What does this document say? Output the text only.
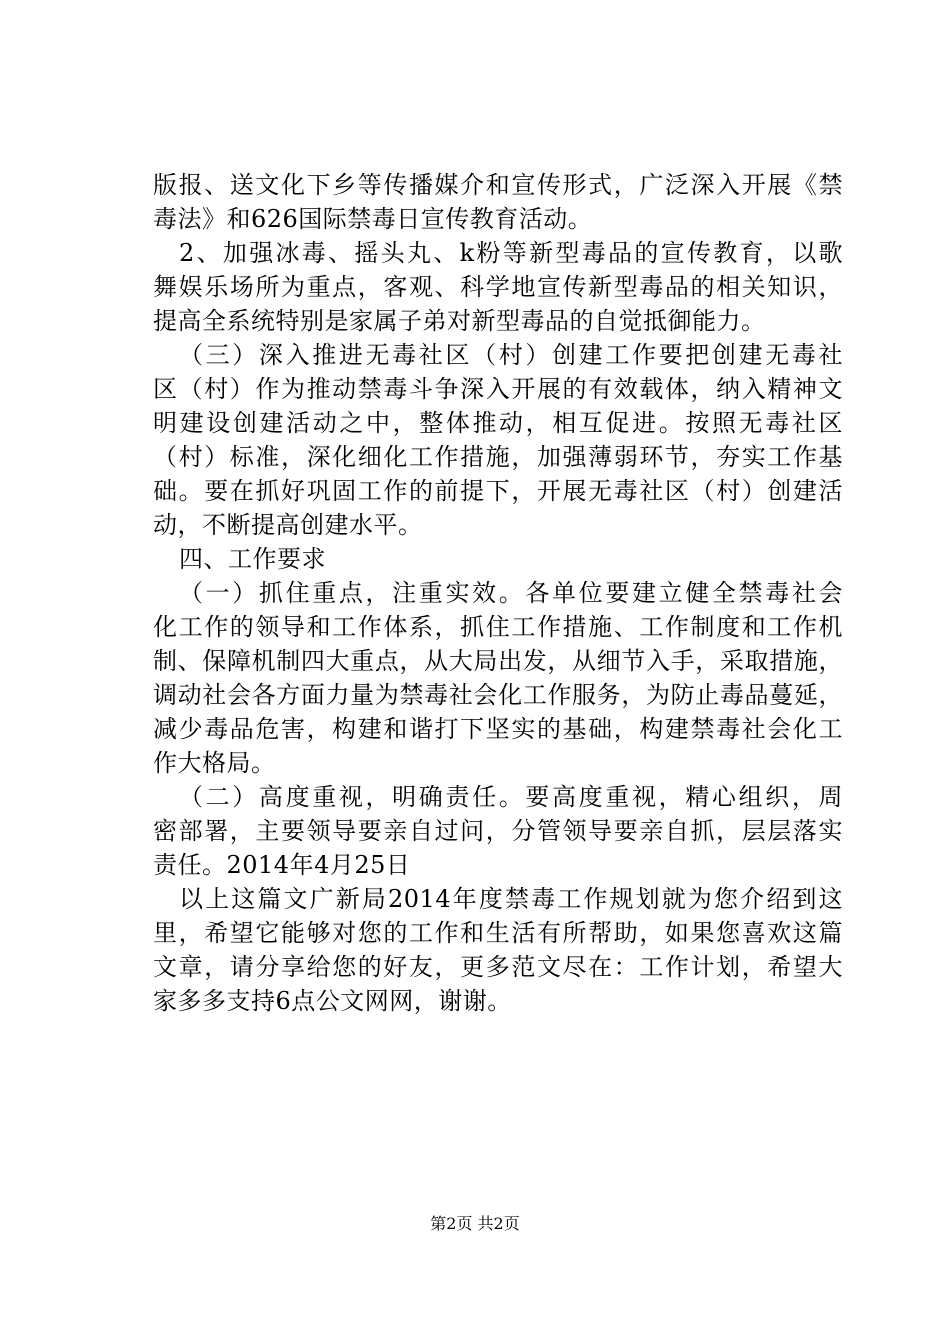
版报、送文化下乡等传播媒介和宣传形式，广泛深入开展《禁
毒法》和626国际禁毒日宣传教育活动。
2、加强冰毒、摇头丸、k粉等新型毒品的宣传教育，以歌
舞娱乐场所为重点，客观、科学地宣传新型毒品的相关知识，
提高全系统特别是家属子弟对新型毒品的自觉抵御能力。
（三）深入推进无毒社区（村）创建工作要把创建无毒社
区（村）作为推动禁毒斗争深入开展的有效载体，纳入精神文
明建设创建活动之中，整体推动，相互促进。按照无毒社区
（村）标准，深化细化工作措施，加强薄弱环节，夯实工作基
础。要在抓好巩固工作的前提下，开展无毒社区（村）创建活
动，不断提高创建水平。
四、工作要求
（一）抓住重点，注重实效。各单位要建立健全禁毒社会
化工作的领导和工作体系，抓住工作措施、工作制度和工作机
制、保障机制四大重点，从大局出发，从细节入手，采取措施，
调动社会各方面力量为禁毒社会化工作服务，为防止毒品蔓延，
减少毒品危害，构建和谐打下坚实的基础，构建禁毒社会化工
作大格局。
（二）高度重视，明确责任。要高度重视，精心组织，周
密部署，主要领导要亲自过问，分管领导要亲自抓，层层落实
责任。2014年4月25日
以上这篇文广新局2014年度禁毒工作规划就为您介绍到这
里，希望它能够对您的工作和生活有所帮助，如果您喜欢这篇
文章，请分享给您的好友，更多范文尽在：工作计划，希望大
家多多支持6点公文网网，谢谢。
第2页 共2页
